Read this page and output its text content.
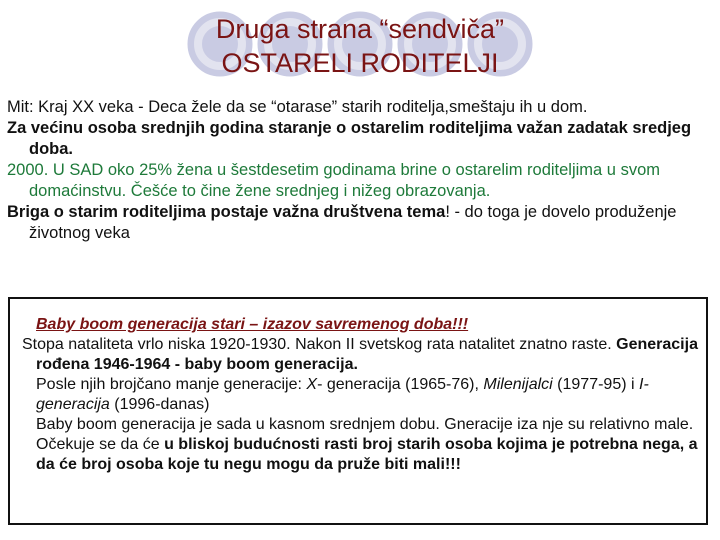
Druga strana “sendviča”
OSTARELI RODITELJI

Mit: Kraj XX veka - Deca žele da se “otarase” starih roditelja,smeštaju ih u dom.

Za većinu osoba srednjih godina staranje o ostarelim roditeljima važan zadatak sredjeg doba.

2000. U SAD oko 25% žena u šestdesetim godinama brine o ostarelim roditeljima u svom domaćinstvu. Češće to čine žene srednjeg i nižeg obrazovanja.

Briga o starim roditeljima postaje važna društvena tema! - do toga je dovelo produženje životnog veka

Baby boom generacija stari – izazov savremenog doba!!!

Stopa nataliteta vrlo niska 1920-1930. Nakon II svetskog rata natalitet znatno raste. Generacija rođena 1946-1964 - baby boom generacija.

Posle njih brojčano manje generacije: X- generacija (1965-76), Milenijalci (1977-95) i I-generacija (1996-danas)

Baby boom generacija je sada u kasnom srednjem dobu. Gneracije iza nje su relativno male.

Očekuje se da će u bliskoj budućnosti rasti broj starih osoba kojima je potrebna nega, a da će broj osoba koje tu negu mogu da pruže biti mali!!!
